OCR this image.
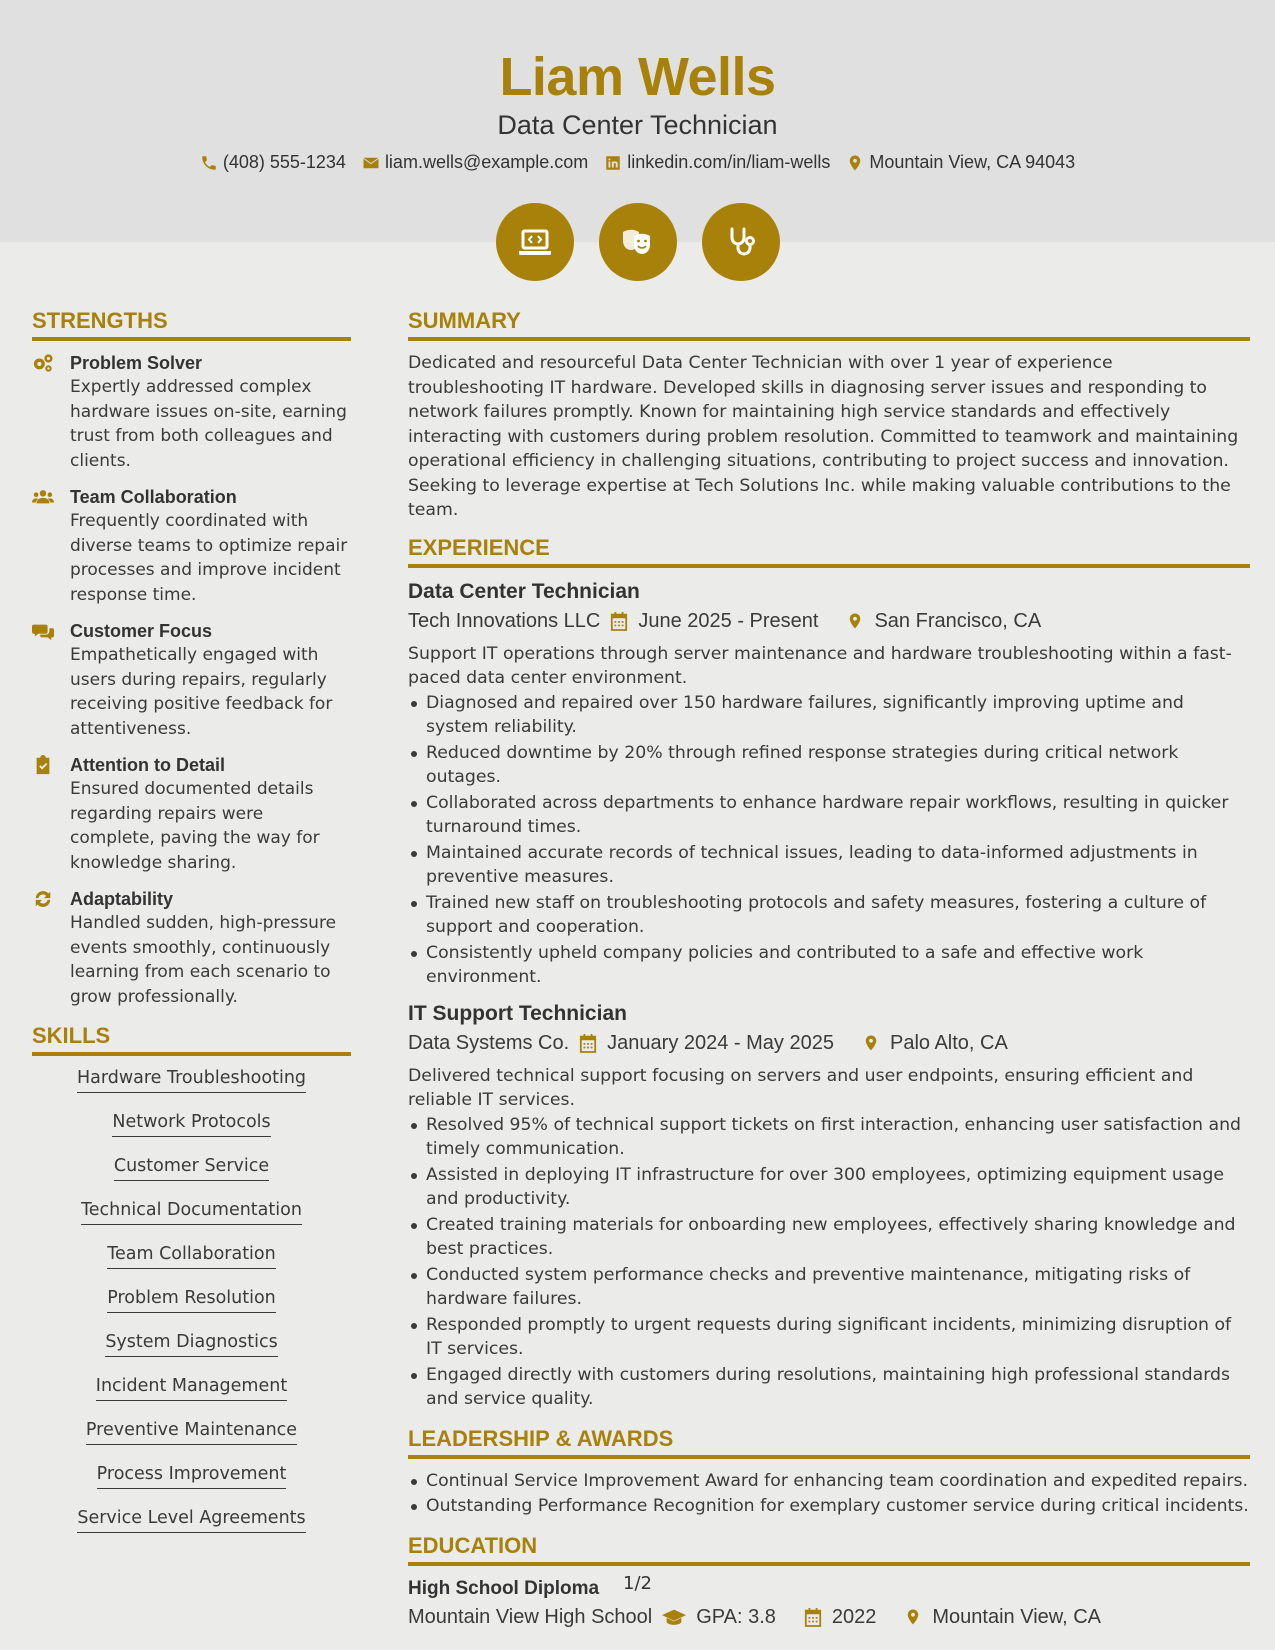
Liam Wells
Data Center Technician
(408) 555-1234 liam.wells@example.com linkedin.com/in/liam-wells Mountain View, CA 94043
STRENGTHS
Problem Solver
Expertly addressed complex hardware issues on-site, earning trust from both colleagues and clients.
Team Collaboration
Frequently coordinated with diverse teams to optimize repair processes and improve incident response time.
Customer Focus
Empathetically engaged with users during repairs, regularly receiving positive feedback for attentiveness.
Attention to Detail
Ensured documented details regarding repairs were complete, paving the way for knowledge sharing.
Adaptability
Handled sudden, high-pressure events smoothly, continuously learning from each scenario to grow professionally.
SKILLS
Hardware Troubleshooting
Network Protocols
Customer Service
Technical Documentation
Team Collaboration
Problem Resolution
System Diagnostics
Incident Management
Preventive Maintenance
Process Improvement
Service Level Agreements
SUMMARY
Dedicated and resourceful Data Center Technician with over 1 year of experience troubleshooting IT hardware. Developed skills in diagnosing server issues and responding to network failures promptly. Known for maintaining high service standards and effectively interacting with customers during problem resolution. Committed to teamwork and maintaining operational efficiency in challenging situations, contributing to project success and innovation. Seeking to leverage expertise at Tech Solutions Inc. while making valuable contributions to the team.
EXPERIENCE
Data Center Technician
Tech Innovations LLC June 2025 - Present	San Francisco, CA
Support IT operations through server maintenance and hardware troubleshooting within a fast-paced data center environment.
Diagnosed and repaired over 150 hardware failures, significantly improving uptime and system reliability.
Reduced downtime by 20% through refined response strategies during critical network outages.
Collaborated across departments to enhance hardware repair workflows, resulting in quicker turnaround times.
Maintained accurate records of technical issues, leading to data-informed adjustments in preventive measures.
Trained new staff on troubleshooting protocols and safety measures, fostering a culture of support and cooperation.
Consistently upheld company policies and contributed to a safe and effective work environment.
IT Support Technician
Data Systems Co. January 2024 - May 2025	Palo Alto, CA
Delivered technical support focusing on servers and user endpoints, ensuring efficient and reliable IT services.
Resolved 95% of technical support tickets on first interaction, enhancing user satisfaction and timely communication.
Assisted in deploying IT infrastructure for over 300 employees, optimizing equipment usage and productivity.
Created training materials for onboarding new employees, effectively sharing knowledge and best practices.
Conducted system performance checks and preventive maintenance, mitigating risks of hardware failures.
Responded promptly to urgent requests during significant incidents, minimizing disruption of IT services.
Engaged directly with customers during resolutions, maintaining high professional standards and service quality.
LEADERSHIP & AWARDS
Continual Service Improvement Award for enhancing team coordination and expedited repairs.
Outstanding Performance Recognition for exemplary customer service during critical incidents.
EDUCATION
High School Diploma
Mountain View High School GPA: 3.8	2022	Mountain View, CA
1/2
